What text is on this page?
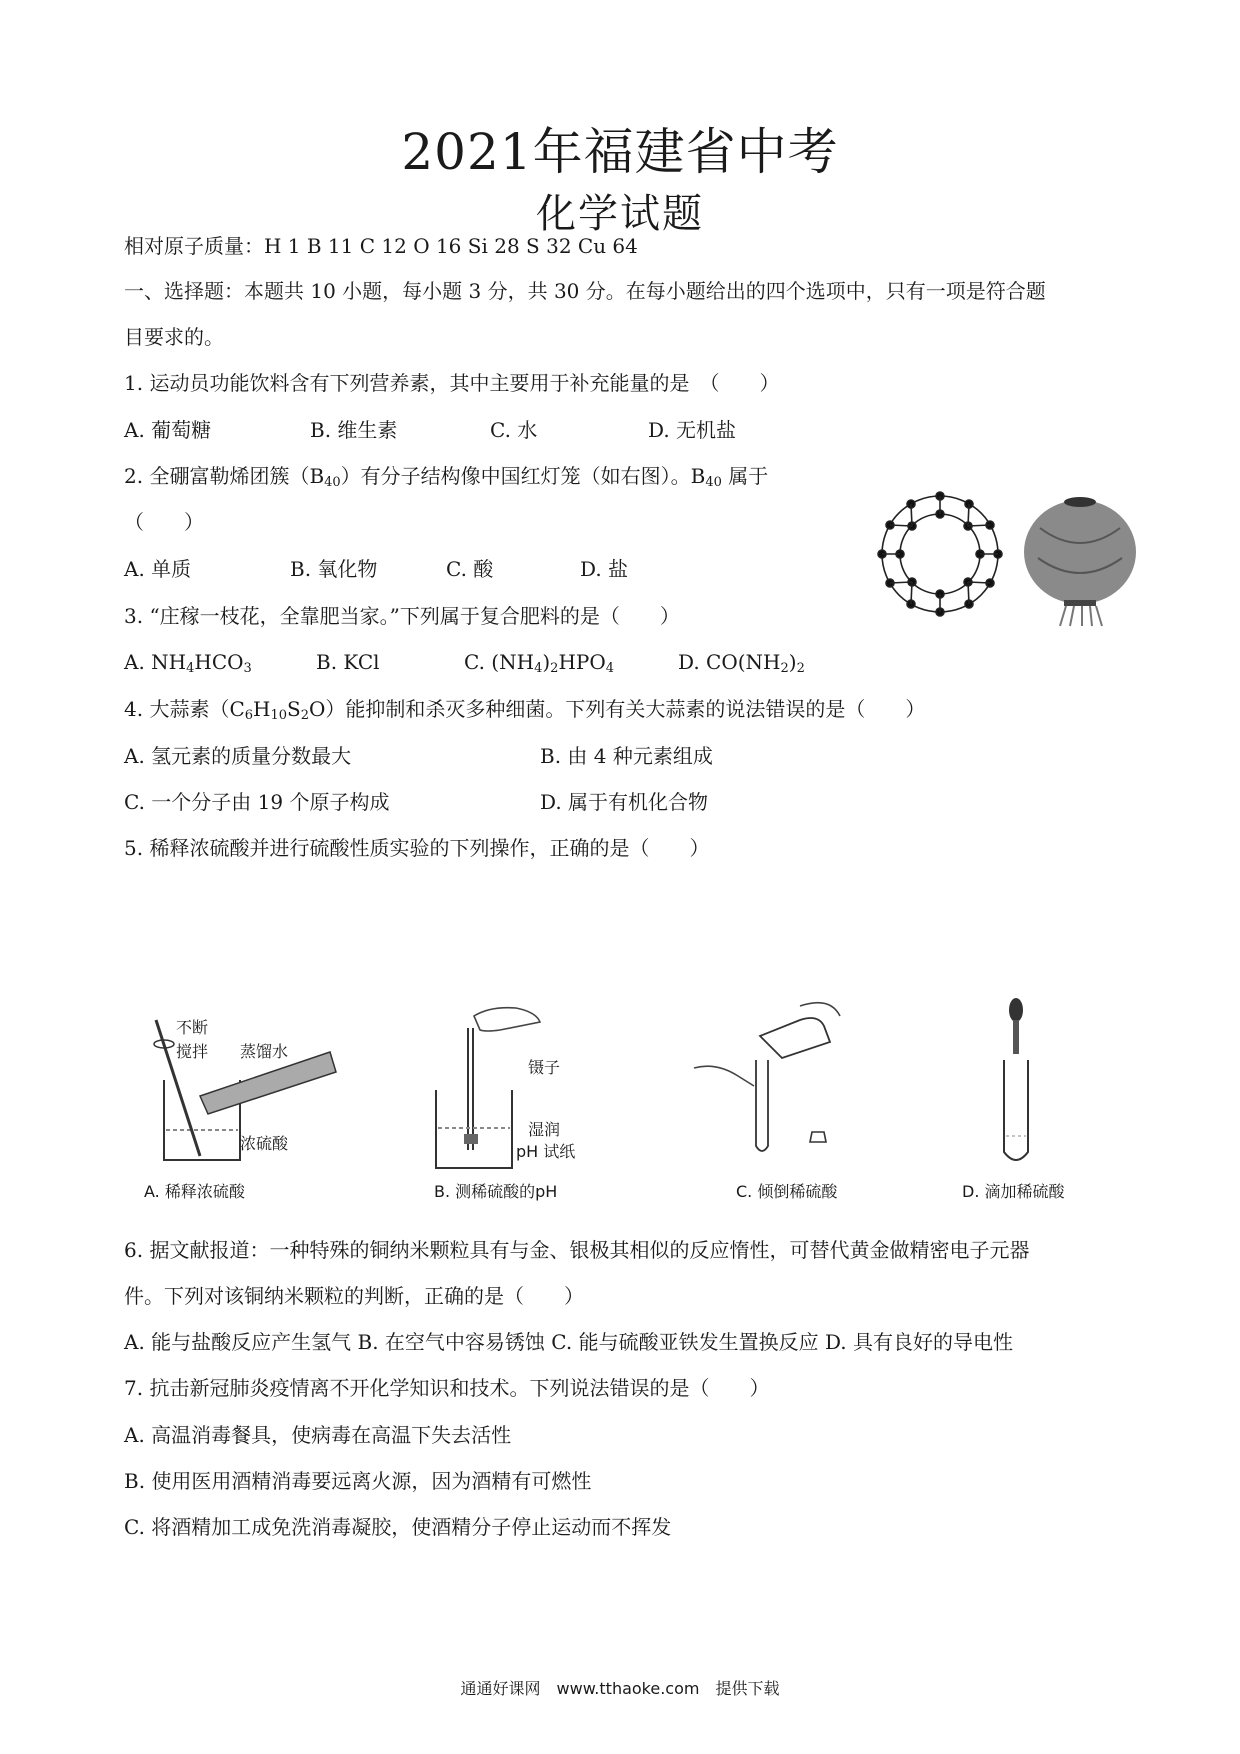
2021年福建省中考
化学试题
相对原子质量：H 1 B 11 C 12 O 16 Si 28 S 32 Cu 64
一、选择题：本题共 10 小题，每小题 3 分，共 30 分。在每小题给出的四个选项中，只有一项是符合题
目要求的。
1. 运动员功能饮料含有下列营养素，其中主要用于补充能量的是　（　　）
A. 葡萄糖	B. 维生素	C. 水	D. 无机盐
2. 全硼富勒烯团簇$(B_{40})$有分子结构像中国红灯笼（如右图）。$B_{40}$ 属于
（　　）
A. 单质	B. 氧化物	C. 酸	D. 盐
3. “庄稼一枝花，全靠肥当家。”下列属于复合肥料的是（　　）
A. $NH_4HCO_3$	B. KCl	C. $(NH_4)_2HPO_4$	D. $CO(NH_2)_2$
4. 大蒜素$(C_6H_{10}S_2O)$能抑制和杀灭多种细菌。下列有关大蒜素的说法错误的是（　　）
A. 氢元素的质量分数最大	B. 由 4 种元素组成
C. 一个分子由 19 个原子构成	D. 属于有机化合物
5. 稀释浓硫酸并进行硫酸性质实验的下列操作，正确的是（　　）
不断
搅拌 蒸馏水
浓硫酸
镊子
湿润
pH 试纸
A. 稀释浓硫酸	B. 测稀硫酸的pH	C. 倾倒稀硫酸	D. 滴加稀硫酸
6. 据文献报道：一种特殊的铜纳米颗粒具有与金、银极其相似的反应惰性，可替代黄金做精密电子元器
件。下列对该铜纳米颗粒的判断，正确的是（　　）
A. 能与盐酸反应产生氢气 B. 在空气中容易锈蚀 C. 能与硫酸亚铁发生置换反应 D. 具有良好的导电性
7. 抗击新冠肺炎疫情离不开化学知识和技术。下列说法错误的是（　　）
A. 高温消毒餐具，使病毒在高温下失去活性
B. 使用医用酒精消毒要远离火源，因为酒精有可燃性
C. 将酒精加工成免洗消毒凝胶，使酒精分子停止运动而不挥发
通通好课网　www.tthaoke.com　提供下载
